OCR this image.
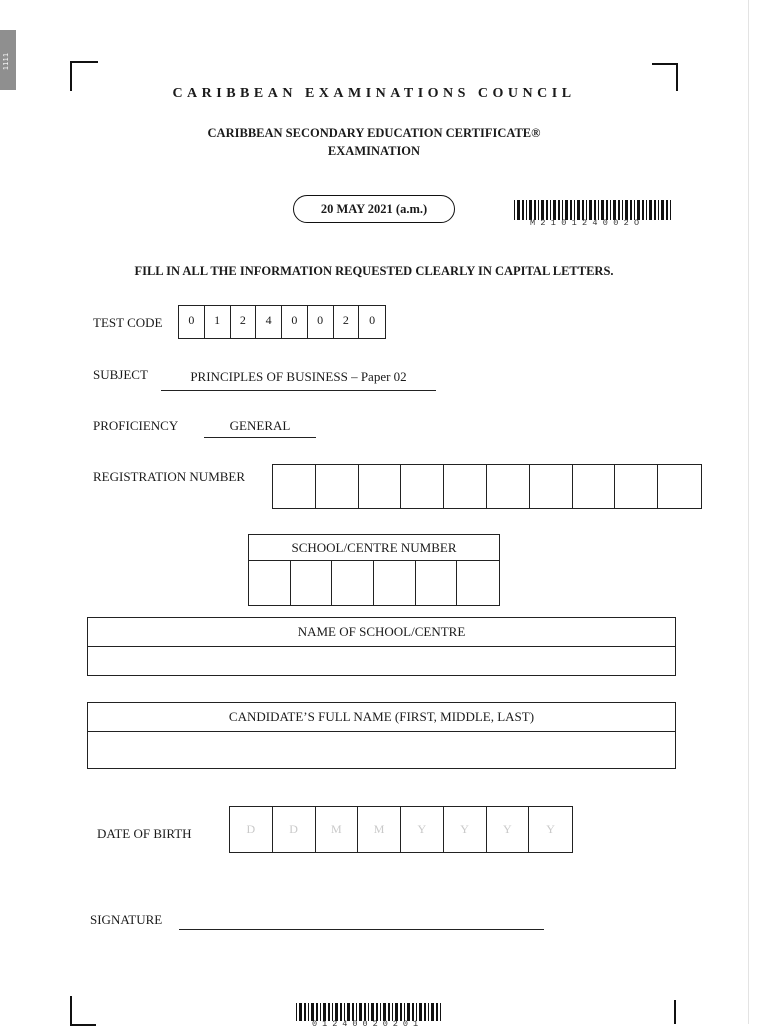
1111
CARIBBEAN EXAMINATIONS COUNCIL
CARIBBEAN SECONDARY EDUCATION CERTIFICATE®
EXAMINATION
20 MAY 2021 (a.m.)
M210124002O
FILL IN ALL THE INFORMATION REQUESTED CLEARLY IN CAPITAL LETTERS.
TEST CODE	0	1	2	4	0	0	2	0
SUBJECT	PRINCIPLES OF BUSINESS – Paper 02
PROFICIENCY	GENERAL
REGISTRATION NUMBER
SCHOOL/CENTRE NUMBER
NAME OF SCHOOL/CENTRE
CANDIDATE’S FULL NAME (FIRST, MIDDLE, LAST)
DATE OF BIRTH	D	D	M	M	Y	Y	Y	Y
SIGNATURE
01240020201
